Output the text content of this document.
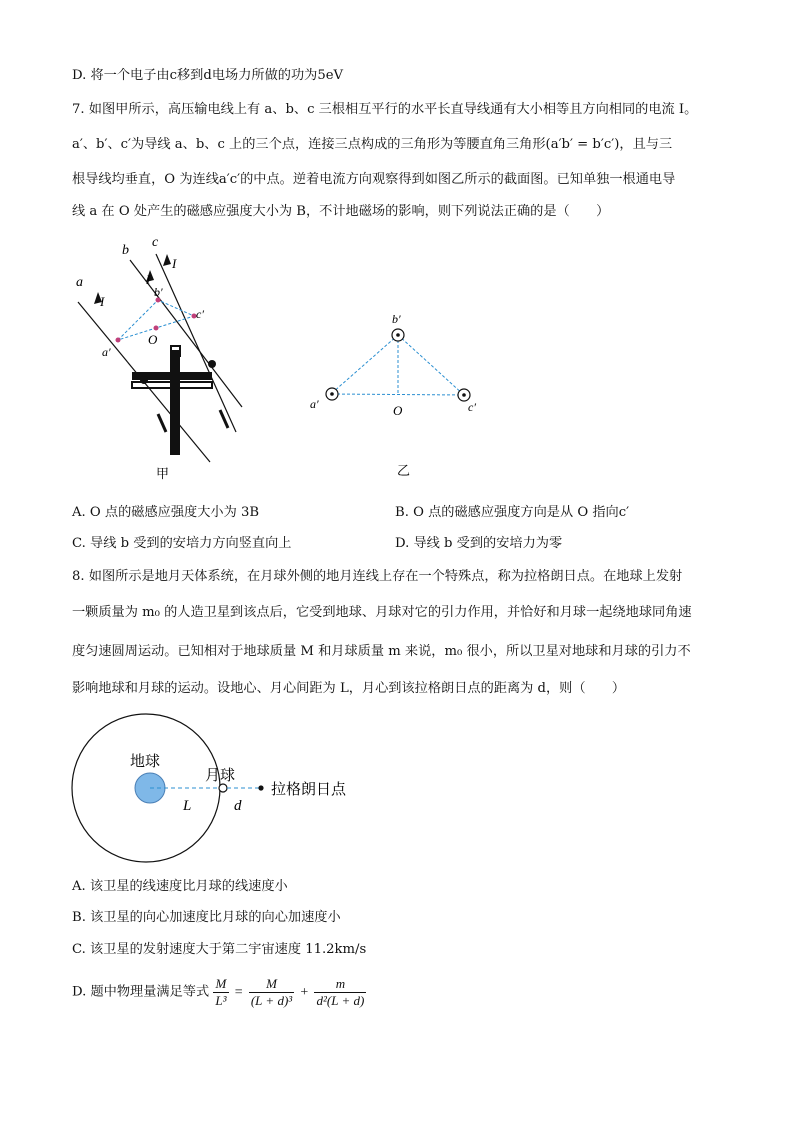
D. 将一个电子由c移到d电场力所做的功为5eV
7. 如图甲所示，高压输电线上有 a、b、c 三根相互平行的水平长直导线通有大小相等且方向相同的电流 I。
a′、b′、c′为导线 a、b、c 上的三个点，连接三点构成的三角形为等腰直角三角形(a′b′ = b′c′)，且与三
根导线均垂直，O 为连线a′c′的中点。逆着电流方向观察得到如图乙所示的截面图。已知单独一根通电导
线 a 在 O 处产生的磁感应强度大小为 B，不计地磁场的影响，则下列说法正确的是（　　）
a
b
c
I
I
I
a′
b′
c′
O
甲
b′
a′	c′
O
乙
A. O 点的磁感应强度大小为 3B	B. O 点的磁感应强度方向是从 O 指向c′
C. 导线 b 受到的安培力方向竖直向上	D. 导线 b 受到的安培力为零
8. 如图所示是地月天体系统，在月球外侧的地月连线上存在一个特殊点，称为拉格朗日点。在地球上发射
一颗质量为 m₀ 的人造卫星到该点后，它受到地球、月球对它的引力作用，并恰好和月球一起绕地球同角速
度匀速圆周运动。已知相对于地球质量 M 和月球质量 m 来说，m₀ 很小，所以卫星对地球和月球的引力不
影响地球和月球的运动。设地心、月心间距为 L，月心到该拉格朗日点的距离为 d，则（　　）
地球
月球
L	d
拉格朗日点
A. 该卫星的线速度比月球的线速度小
B. 该卫星的向心加速度比月球的向心加速度小
C. 该卫星的发射速度大于第二宇宙速度 11.2km/s
D. 题中物理量满足等式 $\frac{M}{\text{L³}} = \frac{M}{\text{(L + d)³}} + \frac{m}{\text{d²(L + d)}}$
